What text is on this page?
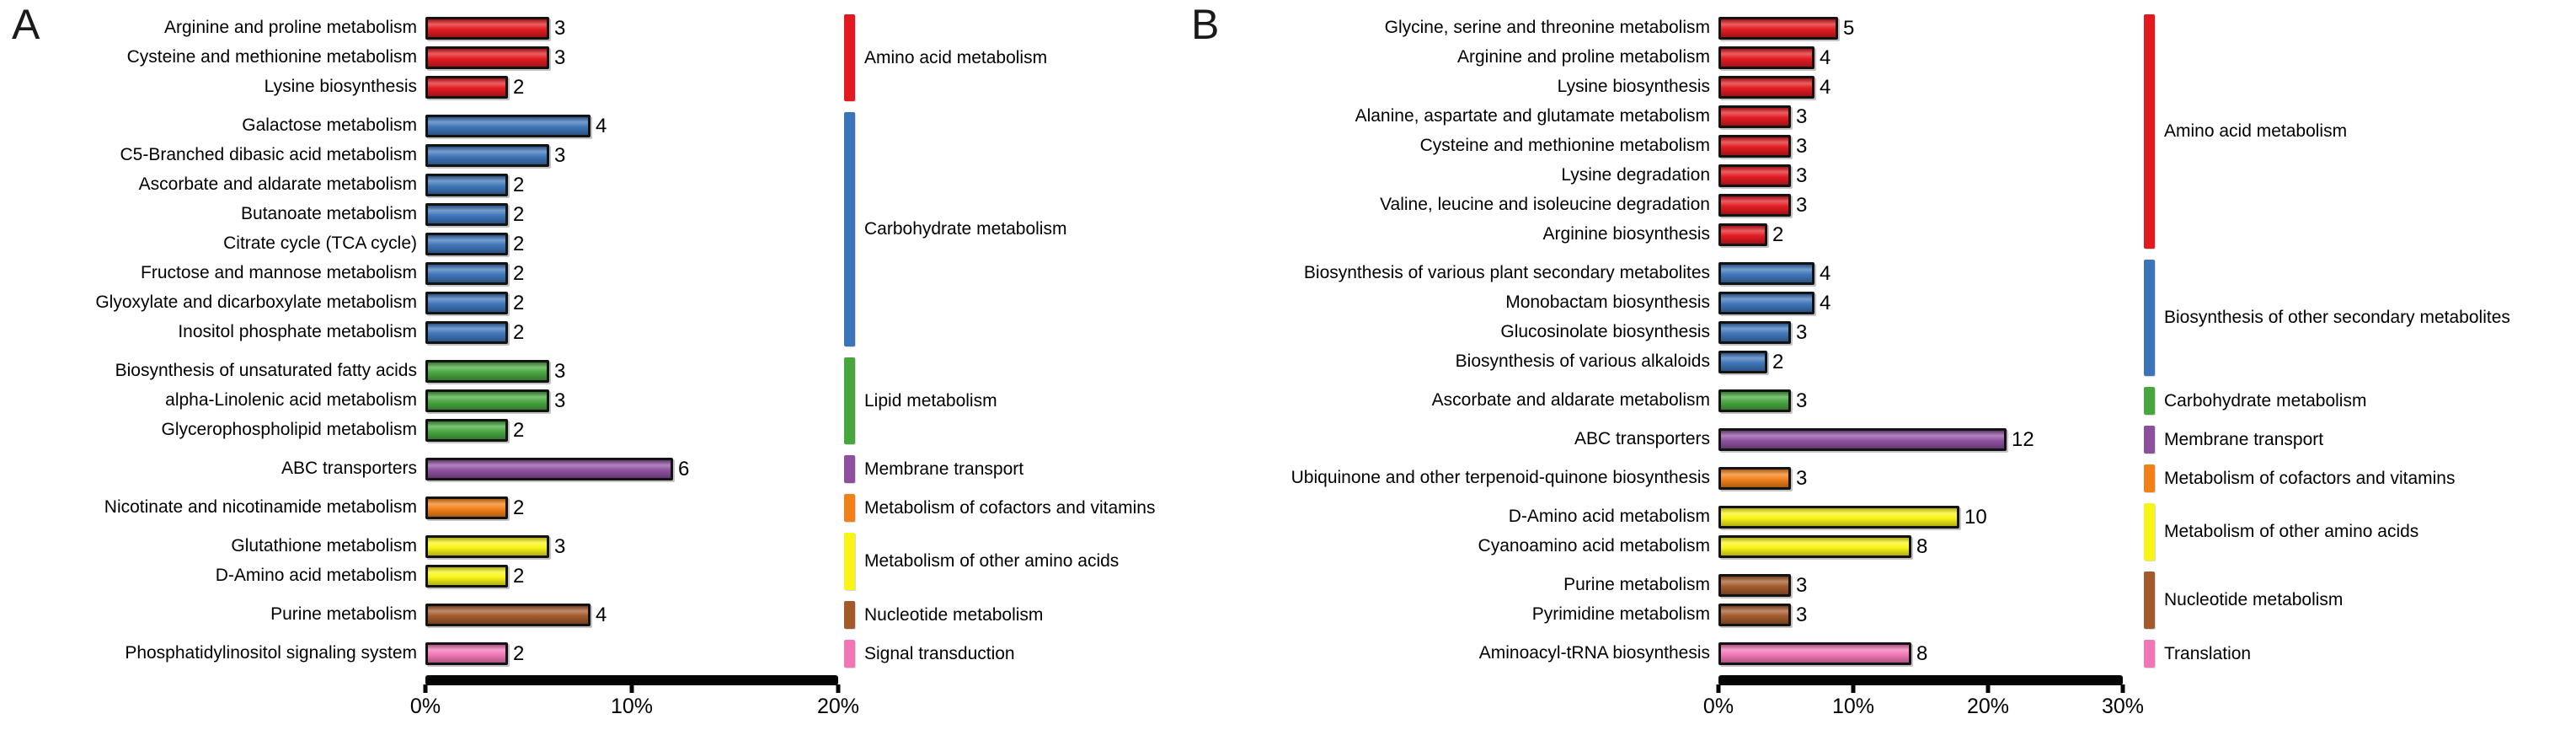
A	Arginine and proline metabolism	3
Cysteine and methionine metabolism	3
Lysine biosynthesis	2
Amino acid metabolism
Galactose metabolism	4
C5-Branched dibasic acid metabolism	3
Ascorbate and aldarate metabolism	2
Butanoate metabolism	2
Citrate cycle (TCA cycle)	2
Fructose and mannose metabolism	2
Glyoxylate and dicarboxylate metabolism	2
Inositol phosphate metabolism	2
Carbohydrate metabolism
Biosynthesis of unsaturated fatty acids	3
alpha-Linolenic acid metabolism	3
Glycerophospholipid metabolism	2
Lipid metabolism
ABC transporters	6	Membrane transport
Nicotinate and nicotinamide metabolism	2	Metabolism of cofactors and vitamins
Glutathione metabolism	3
D-Amino acid metabolism	2
Metabolism of other amino acids
Purine metabolism	4	Nucleotide metabolism
Phosphatidylinositol signaling system	2	Signal transduction
0%	10%	20%
B	Glycine, serine and threonine metabolism	5
Arginine and proline metabolism	4
Lysine biosynthesis	4
Alanine, aspartate and glutamate metabolism	3
Cysteine and methionine metabolism	3
Lysine degradation	3
Valine, leucine and isoleucine degradation	3
Arginine biosynthesis	2
Amino acid metabolism
Biosynthesis of various plant secondary metabolites	4
Monobactam biosynthesis	4
Glucosinolate biosynthesis	3
Biosynthesis of various alkaloids	2
Biosynthesis of other secondary metabolites
Ascorbate and aldarate metabolism	3	Carbohydrate metabolism
ABC transporters	12	Membrane transport
Ubiquinone and other terpenoid-quinone biosynthesis	3	Metabolism of cofactors and vitamins
D-Amino acid metabolism	10
Cyanoamino acid metabolism	8
Metabolism of other amino acids
Purine metabolism	3
Pyrimidine metabolism	3
Nucleotide metabolism
Aminoacyl-tRNA biosynthesis	8	Translation
0%	10%	20%	30%
